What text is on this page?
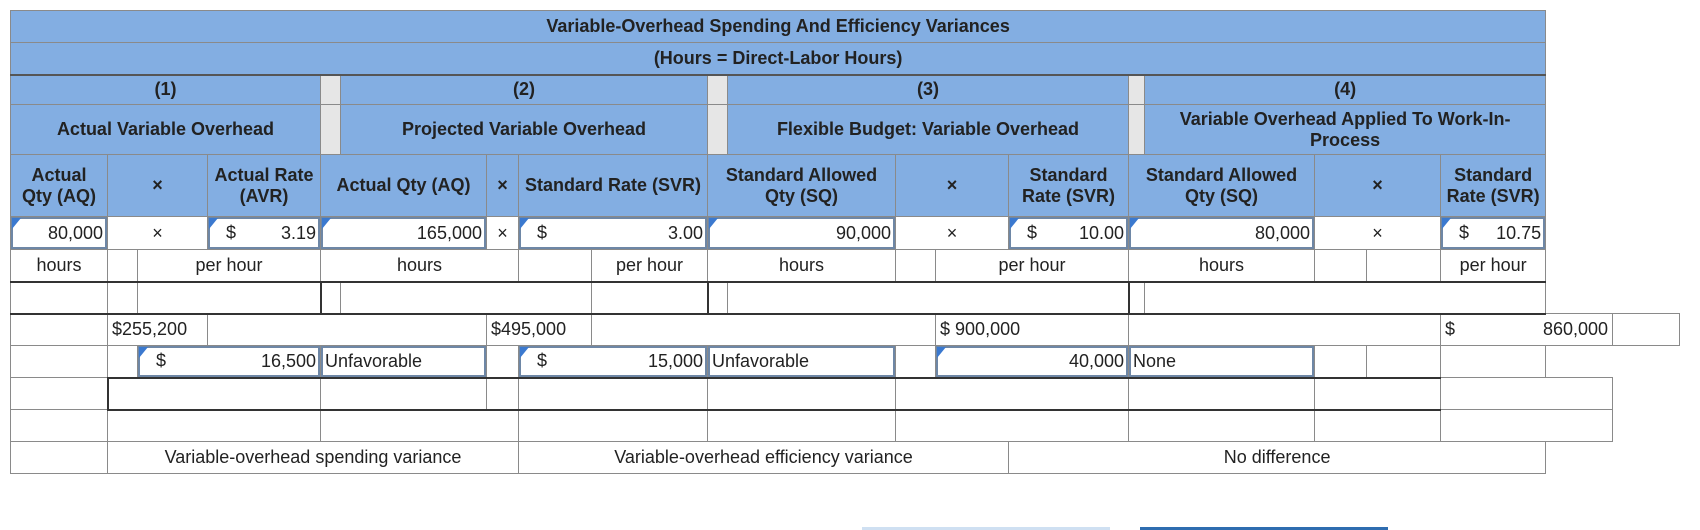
Variable-Overhead Spending And Efficiency Variances																			
(Hours = Direct-Labor Hours)																			
(1)					(2)					(3)					(4)				
Actual Variable Overhead					Projected Variable Overhead					Flexible Budget: Variable Overhead					Variable Overhead Applied To Work-In-Process				
Actual Qty (AQ)	×		Actual Rate (AVR)	Actual Qty (AQ)		×	Standard Rate (SVR)		Standard Allowed Qty (SQ)		×		Standard Rate (SVR)	Standard Allowed Qty (SQ)		×		Standard Rate (SVR)	
80,000	×		$ 3.19	165,000		×	$ 3.00		90,000		×		$ 10.00	80,000		×		$ 10.75	

hours		per hour		hours				per hour	hours			per hour		hours				per hour	

	$255,200					$495,000						$ 900,000						$ 860,000	

		$ 16,500		Unfavorable			$ 15,000		Unfavorable			40,000		None					

	Variable-overhead spending variance						Variable-overhead efficiency variance						No difference						
